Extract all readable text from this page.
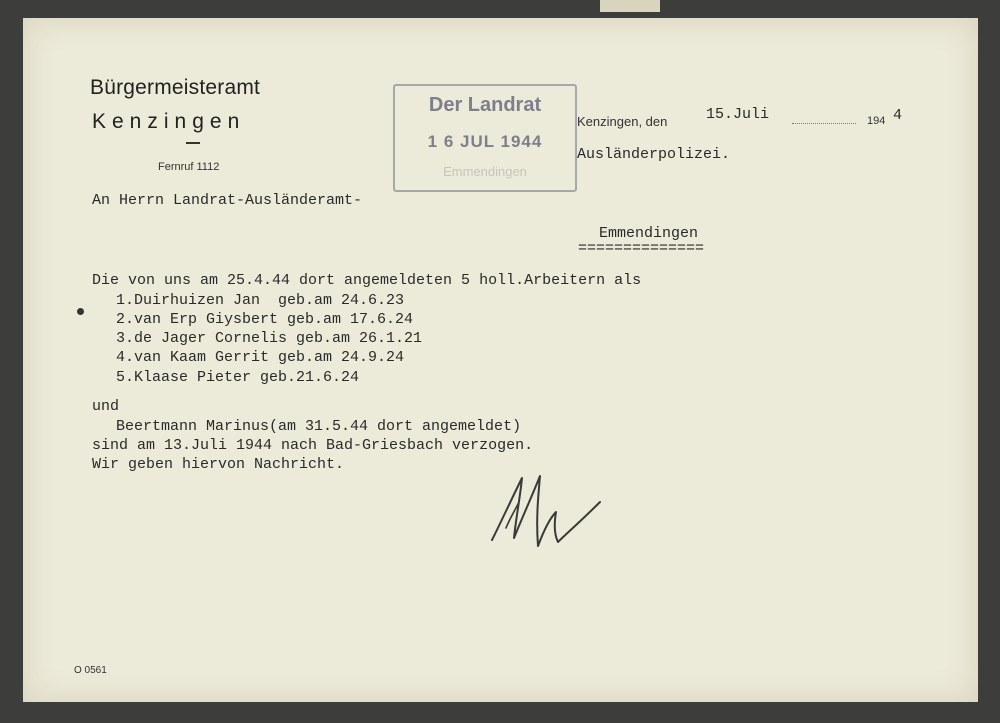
Bürgermeisteramt
Kenzingen
Fernruf 1112
Der Landrat
1 6 JUL 1944
Emmendingen
Kenzingen, den	15.Juli	194 4
Ausländerpolizei.
An Herrn Landrat-Ausländeramt-
Emmendingen
==============
Die von uns am 25.4.44 dort angemeldeten 5 holl.Arbeitern als
1.Duirhuizen Jan  geb.am 24.6.23
2.van Erp Giysbert geb.am 17.6.24
3.de Jager Cornelis geb.am 26.1.21
4.van Kaam Gerrit geb.am 24.9.24
5.Klaase Pieter geb.21.6.24
und
Beertmann Marinus(am 31.5.44 dort angemeldet)
sind am 13.Juli 1944 nach Bad-Griesbach verzogen.
Wir geben hiervon Nachricht.
O 0561
